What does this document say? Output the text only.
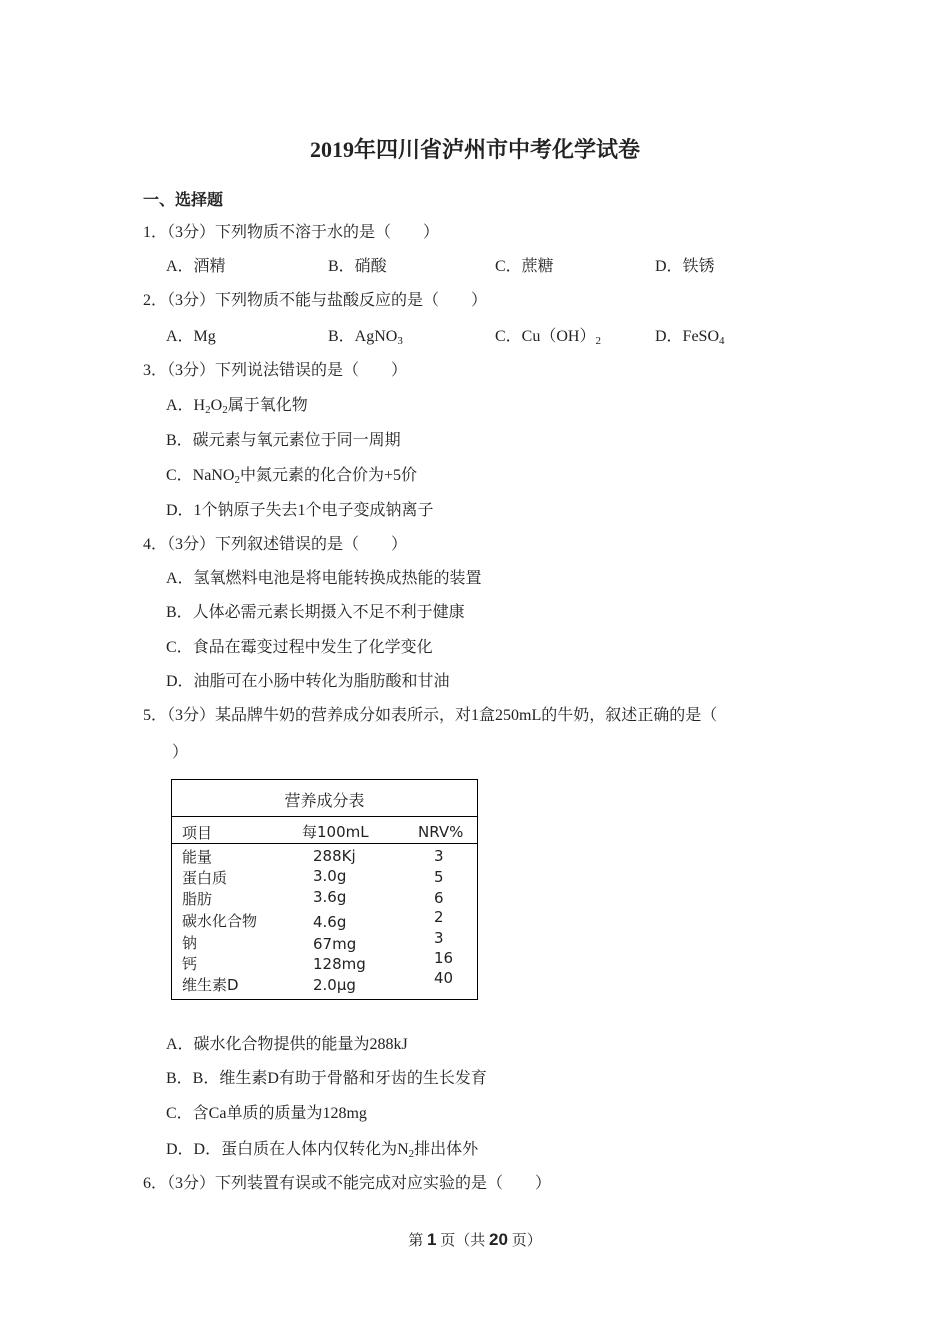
2019年四川省泸州市中考化学试卷
一、选择题
1．（3分）下列物质不溶于水的是（　　）
A．酒精	B．硝酸	C．蔗糖	D．铁锈
2．（3分）下列物质不能与盐酸反应的是（　　）
A．Mg	B．AgNO$_3$	C．$Cu(OH)_2$	D．FeSO$_4$
3．（3分）下列说法错误的是（　　）
A．$H_2O_2$属于氧化物
B．碳元素与氧元素位于同一周期
C．NaNO$_2$中氮元素的化合价为+5价
D．1个钠原子失去1个电子变成钠离子
4．（3分）下列叙述错误的是（　　）
A．氢氧燃料电池是将电能转换成热能的装置
B．人体必需元素长期摄入不足不利于健康
C．食品在霉变过程中发生了化学变化
D．油脂可在小肠中转化为脂肪酸和甘油
5．（3分）某品牌牛奶的营养成分如表所示，对1盒250mL的牛奶，叙述正确的是（
）
营养成分表
项目	每100mL	NRV%
能量	288Kj	3
蛋白质	3.0g	5
脂肪	3.6g	6
碳水化合物	4.6g	2
钠	67mg	3
钙	128mg	16
维生素D	2.0μg	40
A．碳水化合物提供的能量为288kJ
B．B．维生素D有助于骨骼和牙齿的生长发育
C．含Ca单质的质量为128mg
D．D．蛋白质在人体内仅转化为$N_2$排出体外
6．（3分）下列装置有误或不能完成对应实验的是（　　）
第 1 页（共 20 页）
